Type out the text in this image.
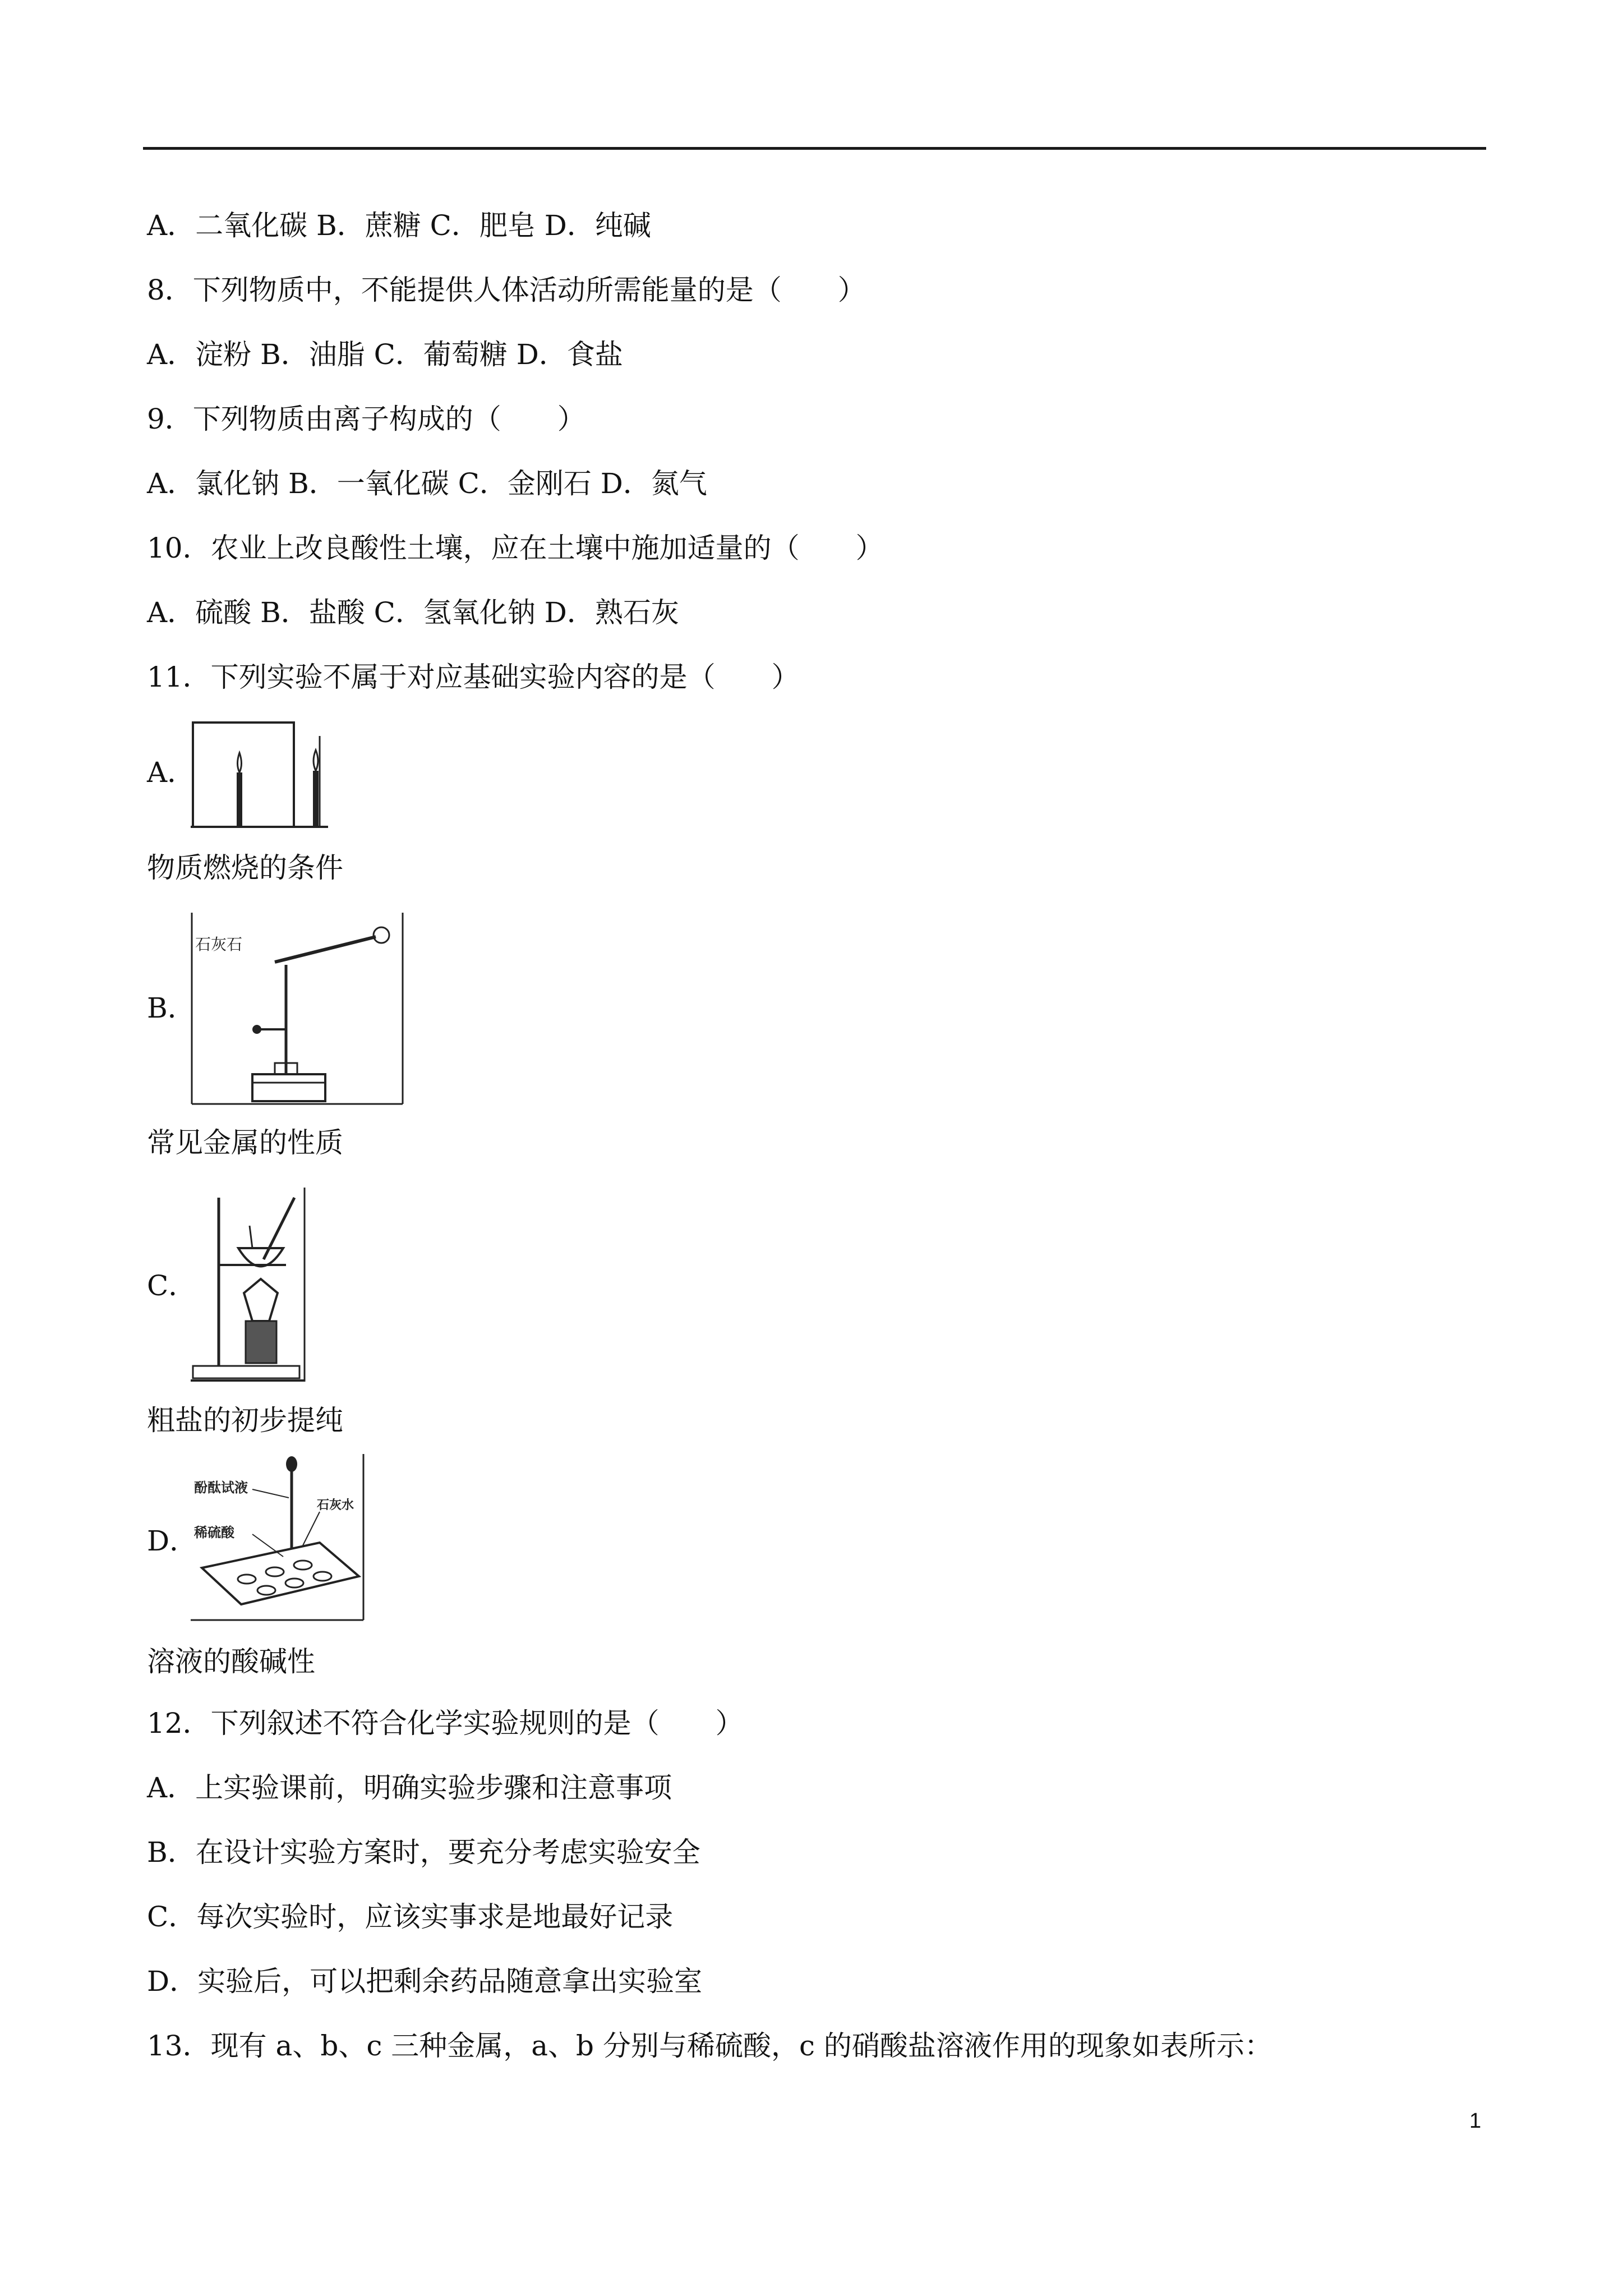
A．二氧化碳 B．蔗糖 C．肥皂 D．纯碱
8．下列物质中，不能提供人体活动所需能量的是（　　）
A．淀粉 B．油脂 C．葡萄糖 D．食盐
9．下列物质由离子构成的（　　）
A．氯化钠 B．一氧化碳 C．金刚石 D．氮气
10．农业上改良酸性土壤，应在土壤中施加适量的（　　）
A．硫酸 B．盐酸 C．氢氧化钠 D．熟石灰
11．下列实验不属于对应基础实验内容的是（　　）
A．
物质燃烧的条件
B．
石灰石
常见金属的性质
C．
粗盐的初步提纯
D．
酚酞试液
石灰水
稀硫酸
溶液的酸碱性
12．下列叙述不符合化学实验规则的是（　　）
A．上实验课前，明确实验步骤和注意事项
B．在设计实验方案时，要充分考虑实验安全
C．每次实验时，应该实事求是地最好记录
D．实验后，可以把剩余药品随意拿出实验室
13．现有 a、b、c 三种金属，a、b 分别与稀硫酸，c 的硝酸盐溶液作用的现象如表所示：
1
